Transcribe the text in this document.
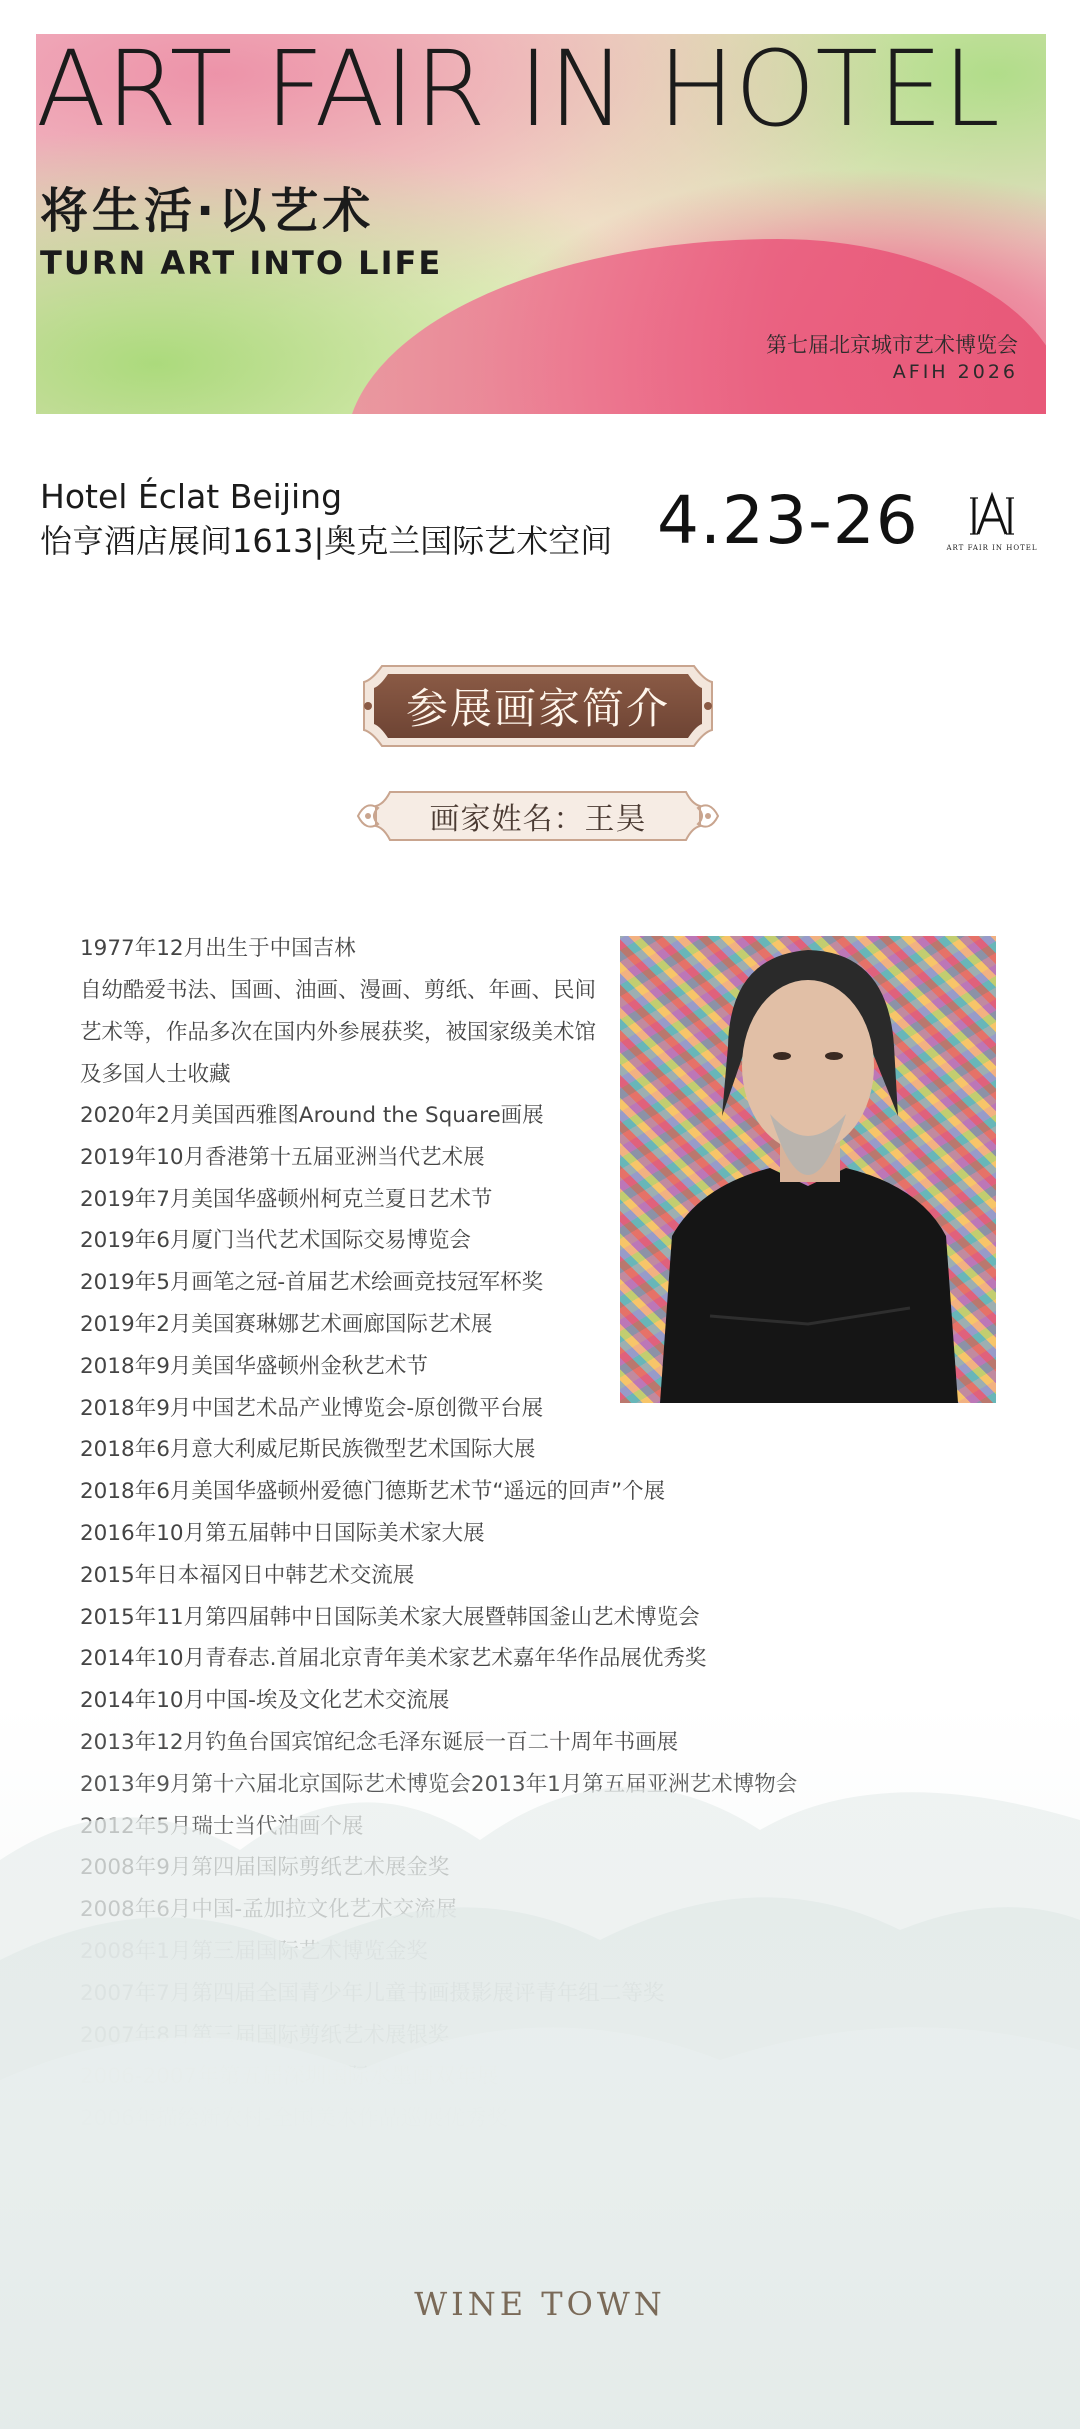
ART FAIR IN HOTEL
将生活·以艺术
TURN ART INTO LIFE
第七届北京城市艺术博览会
AFIH 2026
Hotel Éclat Beijing
怡亨酒店展间1613|奥克兰国际艺术空间 4.23-26	ART FAIR IN HOTEL
参展画家简介
画家姓名：王昊
1977年12月出生于中国吉林
自幼酷爱书法、国画、油画、漫画、剪纸、年画、民间艺术等，作品多次在国内外参展获奖，被国家级美术馆及多国人士收藏
2020年2月美国西雅图Around the Square画展
2019年10月香港第十五届亚洲当代艺术展
2019年7月美国华盛顿州柯克兰夏日艺术节
2019年6月厦门当代艺术国际交易博览会
2019年5月画笔之冠-首届艺术绘画竞技冠军杯奖
2019年2月美国赛琳娜艺术画廊国际艺术展
2018年9月美国华盛顿州金秋艺术节
2018年9月中国艺术品产业博览会-原创微平台展
2018年6月意大利威尼斯民族微型艺术国际大展
2018年6月美国华盛顿州爱德门德斯艺术节“遥远的回声”个展
2016年10月第五届韩中日国际美术家大展
2015年日本福冈日中韩艺术交流展
2015年11月第四届韩中日国际美术家大展暨韩国釜山艺术博览会
2014年10月青春志.首届北京青年美术家艺术嘉年华作品展优秀奖
WINE TOWN
